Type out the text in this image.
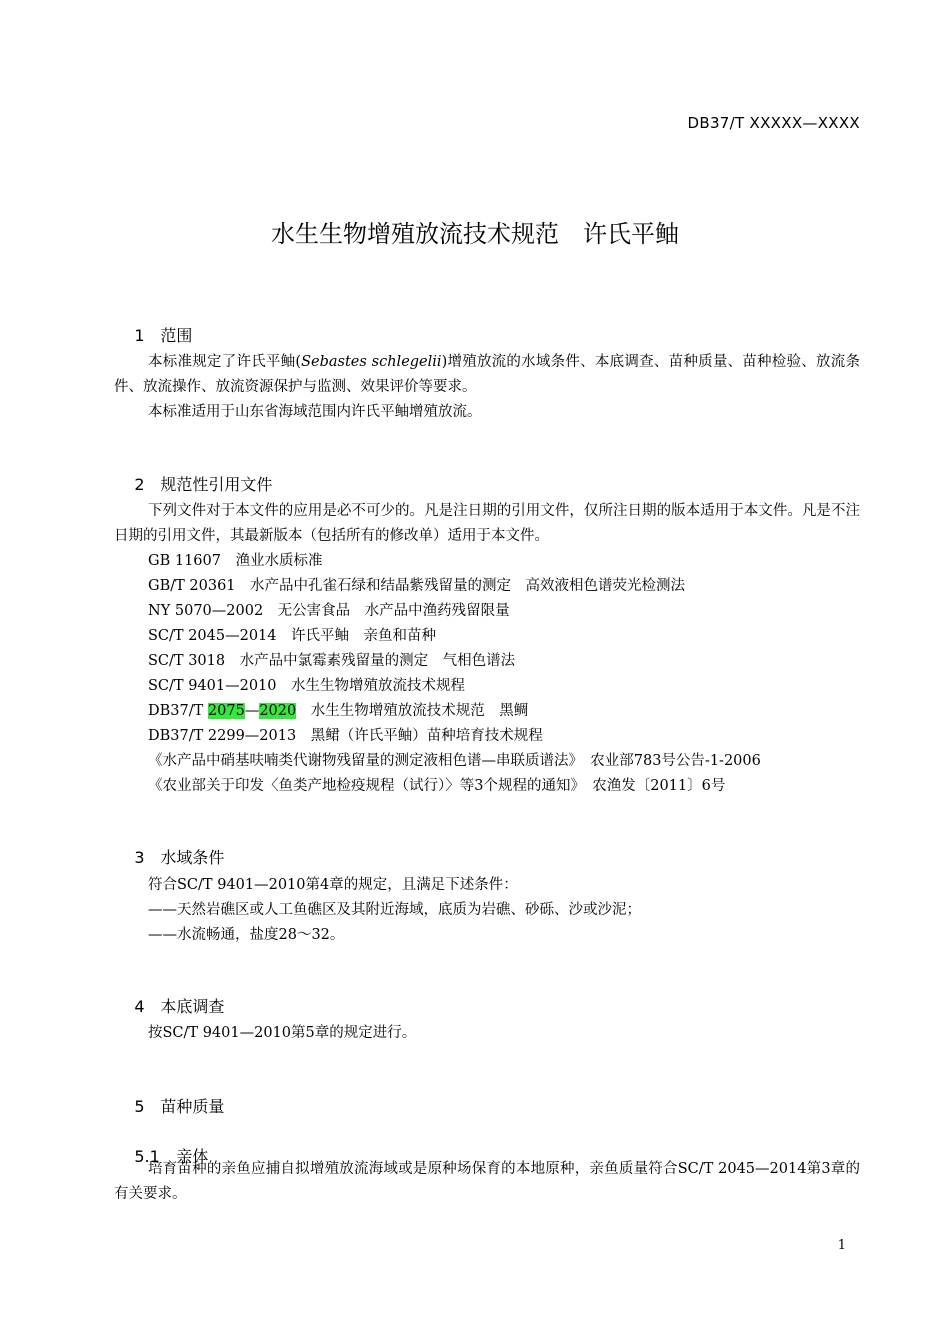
DB37/T XXXXX—XXXX
水生生物增殖放流技术规范　许氏平鲉

1 范围

本标准规定了许氏平鲉(Sebastes schlegelii)增殖放流的水域条件、本底调查、苗种质量、苗种检验、放流条件、放流操作、放流资源保护与监测、效果评价等要求。
本标准适用于山东省海域范围内许氏平鲉增殖放流。

2 规范性引用文件

下列文件对于本文件的应用是必不可少的。凡是注日期的引用文件，仅所注日期的版本适用于本文件。凡是不注日期的引用文件，其最新版本（包括所有的修改单）适用于本文件。
GB 11607　渔业水质标准
GB/T 20361　水产品中孔雀石绿和结晶紫残留量的测定　高效液相色谱荧光检测法
NY 5070—2002　无公害食品　水产品中渔药残留限量
SC/T 2045—2014　许氏平鲉　亲鱼和苗种
SC/T 3018　水产品中氯霉素残留量的测定　气相色谱法
SC/T 9401—2010　水生生物增殖放流技术规程
DB37/T 2075—2020　水生生物增殖放流技术规范　黑鲷
DB37/T 2299—2013　黑鲪（许氏平鲉）苗种培育技术规程
《水产品中硝基呋喃类代谢物残留量的测定液相色谱—串联质谱法》　农业部783号公告-1-2006
《农业部关于印发〈鱼类产地检疫规程（试行）〉等3个规程的通知》　农渔发〔2011〕6号

3 水域条件

符合SC/T 9401—2010第4章的规定，且满足下述条件：
——天然岩礁区或人工鱼礁区及其附近海域，底质为岩礁、砂砾、沙或沙泥；
——水流畅通，盐度28～32。

4 本底调查

按SC/T 9401—2010第5章的规定进行。

5 苗种质量

5.1 亲体

培育苗种的亲鱼应捕自拟增殖放流海域或是原种场保育的本地原种，亲鱼质量符合SC/T 2045—2014第3章的有关要求。
1
